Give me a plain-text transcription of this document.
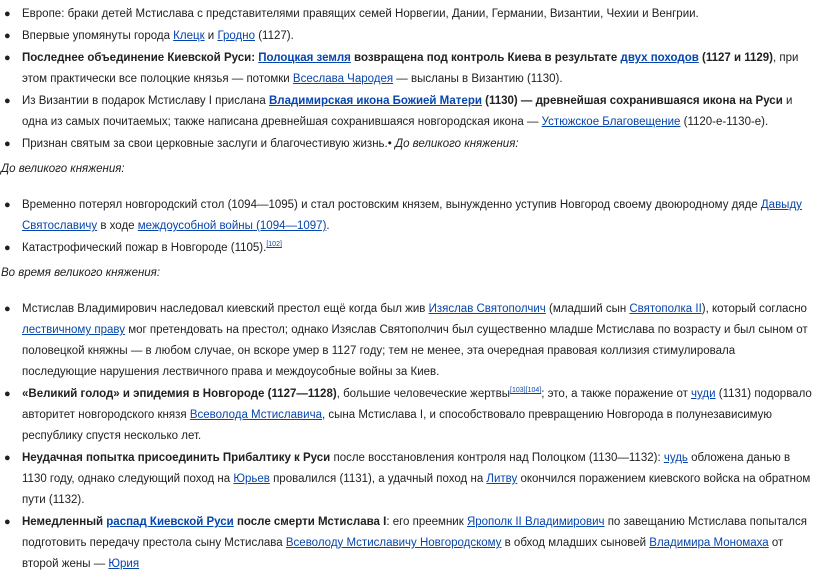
● Европе: браки детей Мстислава с представителями правящих семей Норвегии, Дании, Германии, Византии, Чехии и Венгрии.
● Впервые упомянуты города Клецк и Гродно (1127).
● Последнее объединение Киевской Руси: Полоцкая земля возвращена под контроль Киева в результате двух походов (1127 и 1129), при этом практически все полоцкие князья — потомки Всеслава Чародея — высланы в Византию (1130).
● Из Византии в подарок Мстиславу I прислана Владимирская икона Божией Матери (1130) — древнейшая сохранившаяся икона на Руси и одна из самых почитаемых; также написана древнейшая сохранившаяся новгородская икона — Устюжское Благовещение (1120-е-1130-е).
● Признан святым за свои церковные заслуги и благочестивую жизнь.• До великого княжения:
До великого княжения:
● Временно потерял новгородский стол (1094—1095) и стал ростовским князем, вынужденно уступив Новгород своему двоюродному дяде Давыду Святославичу в ходе междоусобной войны (1094—1097).
● Катастрофический пожар в Новгороде (1105).[102]
Во время великого княжения:
● Мстислав Владимирович наследовал киевский престол ещё когда был жив Изяслав Святополчич (младший сын Святополка II), который согласно лествичному праву мог претендовать на престол; однако Изяслав Святополчич был существенно младше Мстислава по возрасту и был сыном от половецкой княжны — в любом случае, он вскоре умер в 1127 году; тем не менее, эта очередная правовая коллизия стимулировала последующие нарушения лествичного права и междоусобные войны за Киев.
● «Великий голод» и эпидемия в Новгороде (1127—1128), большие человеческие жертвы[103][104]; это, а также поражение от чуди (1131) подорвало авторитет новгородского князя Всеволода Мстиславича, сына Мстислава I, и способствовало превращению Новгорода в полунезависимую республику спустя несколько лет.
● Неудачная попытка присоединить Прибалтику к Руси после восстановления контроля над Полоцком (1130—1132): чудь обложена данью в 1130 году, однако следующий поход на Юрьев провалился (1131), а удачный поход на Литву окончился поражением киевского войска на обратном пути (1132).
● Немедленный распад Киевской Руси после смерти Мстислава I: его преемник Ярополк II Владимирович по завещанию Мстислава попытался подготовить передачу престола сыну Мстислава Всеволоду Мстиславичу Новгородскому в обход младших сыновей Владимира Мономаха от второй жены — Юрия
